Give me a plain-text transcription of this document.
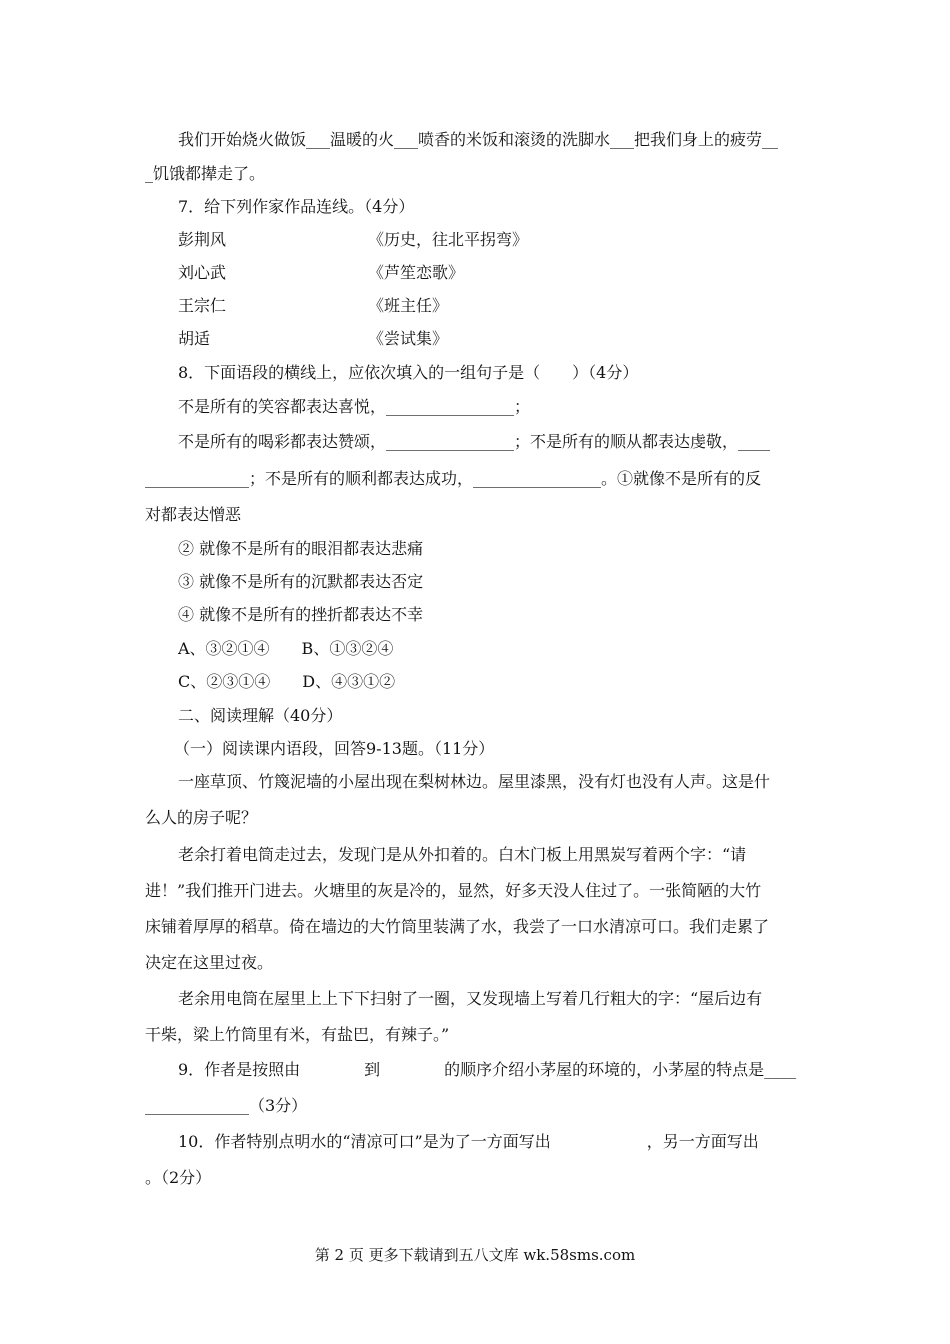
我们开始烧火做饭___温暖的火___喷香的米饭和滚烫的洗脚水___把我们身上的疲劳__
_饥饿都撵走了。
7．给下列作家作品连线。（4分）
彭荆风	《历史，往北平拐弯》
刘心武	《芦笙恋歌》
王宗仁	《班主任》
胡适	《尝试集》
8．下面语段的横线上，应依次填入的一组句子是（　　）（4分）
不是所有的笑容都表达喜悦，________________；
不是所有的喝彩都表达赞颂，________________；不是所有的顺从都表达虔敬，____
_____________；不是所有的顺利都表达成功，________________。①就像不是所有的反
对都表达憎恶
② 就像不是所有的眼泪都表达悲痛
③ 就像不是所有的沉默都表达否定
④ 就像不是所有的挫折都表达不幸
A、③②①④　　B、①③②④
C、②③①④　　D、④③①②
二、阅读理解（40分）
（一）阅读课内语段，回答9-13题。（11分）
一座草顶、竹篾泥墙的小屋出现在梨树林边。屋里漆黑，没有灯也没有人声。这是什
么人的房子呢？
老余打着电筒走过去，发现门是从外扣着的。白木门板上用黑炭写着两个字：“请
进！”我们推开门进去。火塘里的灰是冷的，显然，好多天没人住过了。一张简陋的大竹
床铺着厚厚的稻草。倚在墙边的大竹筒里装满了水，我尝了一口水清凉可口。我们走累了
决定在这里过夜。
老余用电筒在屋里上上下下扫射了一圈，又发现墙上写着几行粗大的字：“屋后边有
干柴，梁上竹筒里有米，有盐巴，有辣子。”
9．作者是按照由　　　　到　　　　的顺序介绍小茅屋的环境的，小茅屋的特点是____
_____________（3分）
10．作者特别点明水的“清凉可口”是为了一方面写出　　　　　　，另一方面写出
。（2分）
第 2 页 更多下载请到五八文库 wk.58sms.com
